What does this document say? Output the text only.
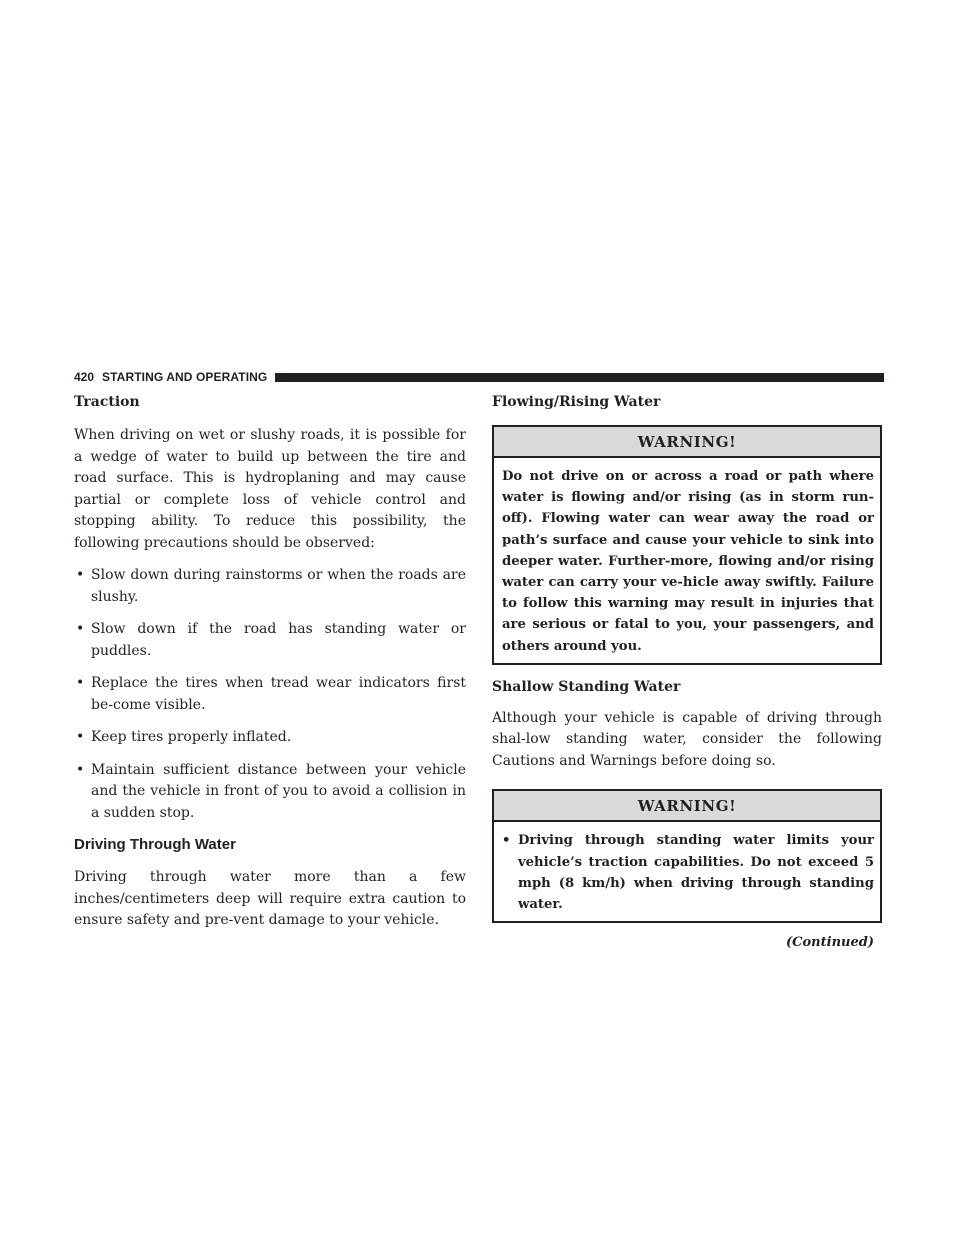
420 STARTING AND OPERATING
Traction

When driving on wet or slushy roads, it is possible for a wedge of water to build up between the tire and road surface. This is hydroplaning and may cause partial or complete loss of vehicle control and stopping ability. To reduce this possibility, the following precautions should be observed:

• Slow down during rainstorms or when the roads are slushy.
• Slow down if the road has standing water or puddles.
• Replace the tires when tread wear indicators first be-come visible.
• Keep tires properly inflated.
• Maintain sufficient distance between your vehicle and the vehicle in front of you to avoid a collision in a sudden stop.
Driving Through Water

Driving through water more than a few inches/centimeters deep will require extra caution to ensure safety and pre-vent damage to your vehicle.

Flowing/Rising Water
WARNING!

Do not drive on or across a road or path where water is flowing and/or rising (as in storm run-off). Flowing water can wear away the road or path’s surface and cause your vehicle to sink into deeper water. Further-more, flowing and/or rising water can carry your ve-hicle away swiftly. Failure to follow this warning may result in injuries that are serious or fatal to you, your passengers, and others around you.

Shallow Standing Water

Although your vehicle is capable of driving through shal-low standing water, consider the following Cautions and Warnings before doing so.

WARNING!
• Driving through standing water limits your vehicle’s traction capabilities. Do not exceed 5 mph (8 km/h) when driving through standing water.
(Continued)
